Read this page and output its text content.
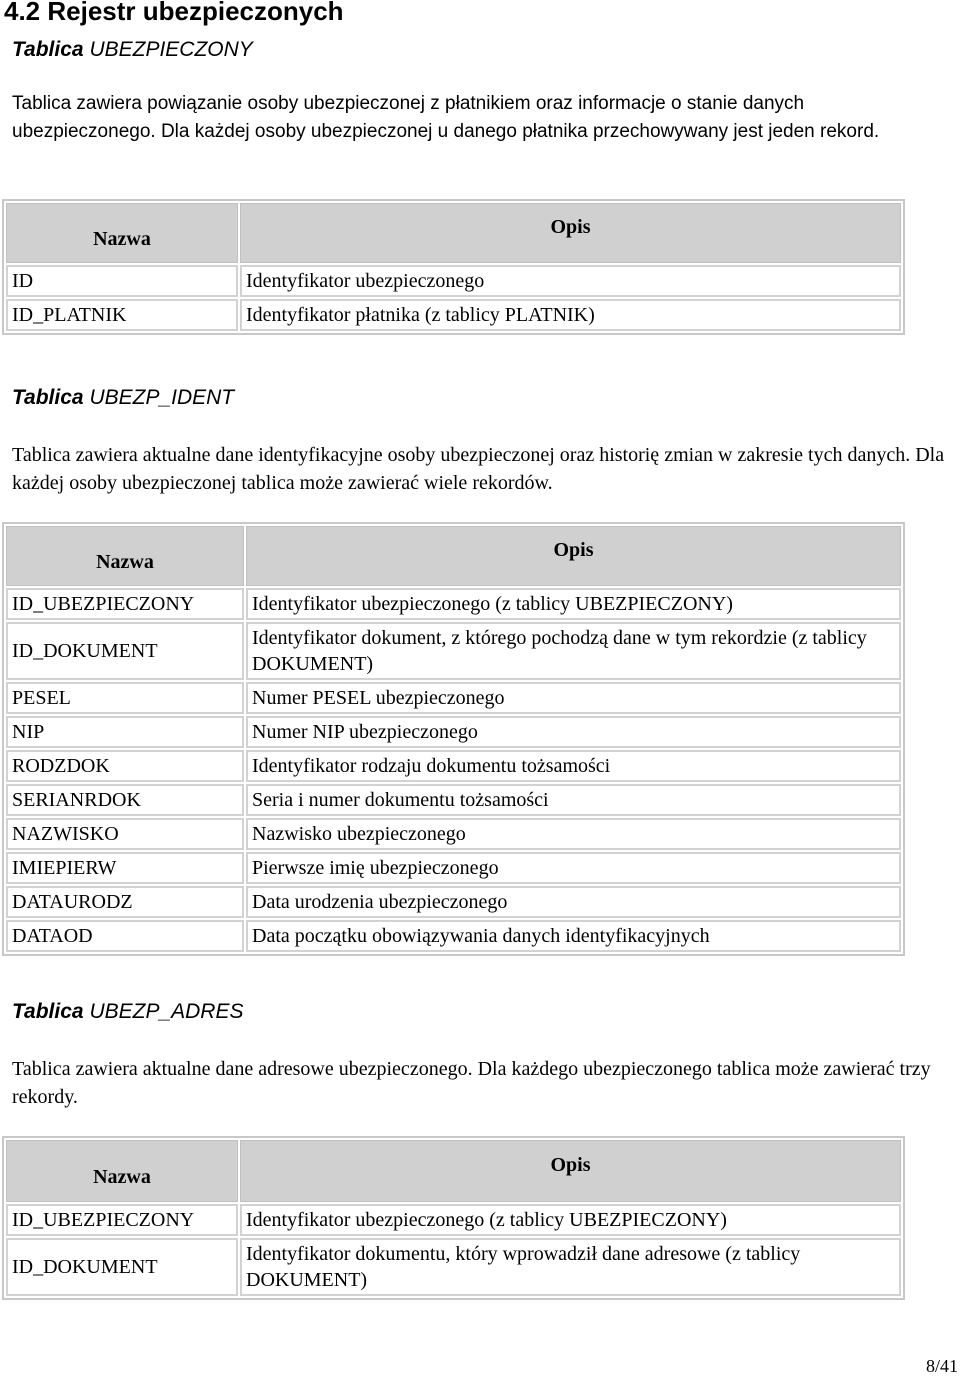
4.2 Rejestr ubezpieczonych
Tablica UBEZPIECZONY

Tablica zawiera powiązanie osoby ubezpieczonej z płatnikiem oraz informacje o stanie danych ubezpieczonego. Dla każdej osoby ubezpieczonej u danego płatnika przechowywany jest jeden rekord.

Nazwa	Opis
ID	Identyfikator ubezpieczonego
ID_PLATNIK	Identyfikator płatnika (z tablicy PLATNIK)
Tablica UBEZP_IDENT

Tablica zawiera aktualne dane identyfikacyjne osoby ubezpieczonej oraz historię zmian w zakresie tych danych. Dla każdej osoby ubezpieczonej tablica może zawierać wiele rekordów.

Nazwa	Opis
ID_UBEZPIECZONY	Identyfikator ubezpieczonego (z tablicy UBEZPIECZONY)
ID_DOKUMENT	Identyfikator dokument, z którego pochodzą dane w tym rekordzie (z tablicy DOKUMENT)
PESEL	Numer PESEL ubezpieczonego
NIP	Numer NIP ubezpieczonego
RODZDOK	Identyfikator rodzaju dokumentu tożsamości
SERIANRDOK	Seria i numer dokumentu tożsamości
NAZWISKO	Nazwisko ubezpieczonego
IMIEPIERW	Pierwsze imię ubezpieczonego
DATAURODZ	Data urodzenia ubezpieczonego
DATAOD	Data początku obowiązywania danych identyfikacyjnych
Tablica UBEZP_ADRES

Tablica zawiera aktualne dane adresowe ubezpieczonego. Dla każdego ubezpieczonego tablica może zawierać trzy rekordy.

Nazwa	Opis
ID_UBEZPIECZONY	Identyfikator ubezpieczonego (z tablicy UBEZPIECZONY)
ID_DOKUMENT	Identyfikator dokumentu, który wprowadził dane adresowe (z tablicy DOKUMENT)
8/41
